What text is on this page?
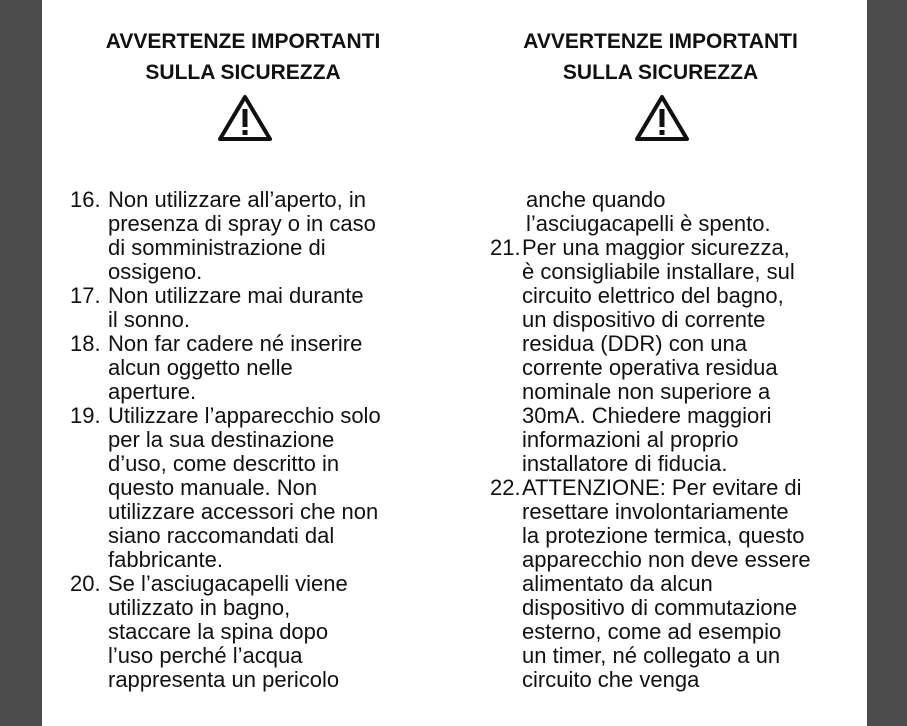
AVVERTENZE IMPORTANTI
SULLA SICUREZZA
16. Non utilizzare all’aperto, in
presenza di spray o in caso
di somministrazione di
ossigeno.
17. Non utilizzare mai durante
il sonno.
18. Non far cadere né inserire
alcun oggetto nelle
aperture.
19. Utilizzare l’apparecchio solo
per la sua destinazione
d’uso, come descritto in
questo manuale. Non
utilizzare accessori che non
siano raccomandati dal
fabbricante.
20. Se l’asciugacapelli viene
utilizzato in bagno,
staccare la spina dopo
l’uso perché l’acqua
rappresenta un pericolo
AVVERTENZE IMPORTANTI
SULLA SICUREZZA
anche quando
l’asciugacapelli è spento.
21. Per una maggior sicurezza,
è consigliabile installare, sul
circuito elettrico del bagno,
un dispositivo di corrente
residua (DDR) con una
corrente operativa residua
nominale non superiore a
30mA. Chiedere maggiori
informazioni al proprio
installatore di fiducia.
22. ATTENZIONE: Per evitare di
resettare involontariamente
la protezione termica, questo
apparecchio non deve essere
alimentato da alcun
dispositivo di commutazione
esterno, come ad esempio
un timer, né collegato a un
circuito che venga
